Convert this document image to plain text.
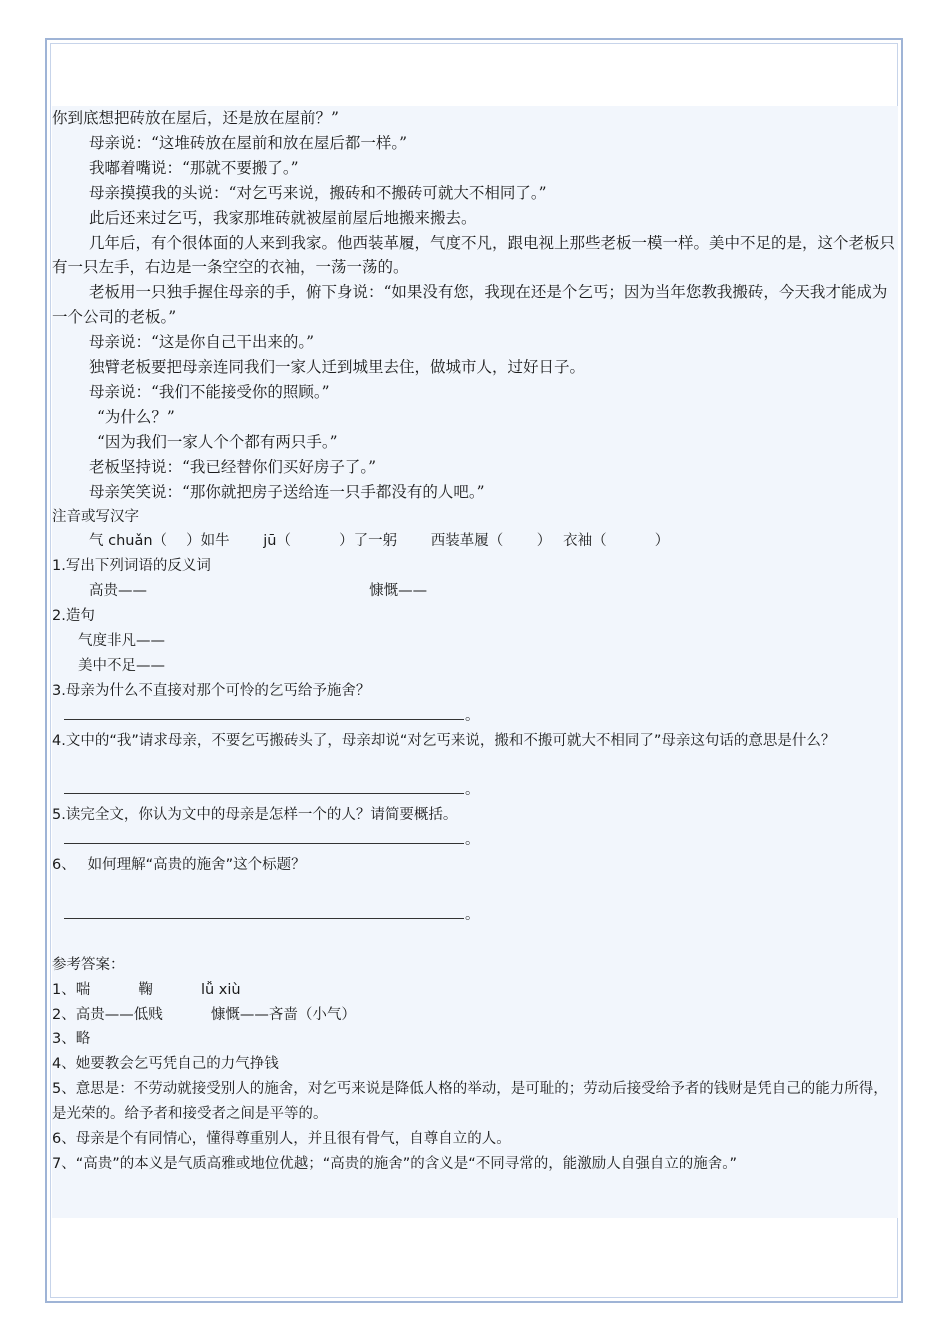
你到底想把砖放在屋后，还是放在屋前？”
母亲说：“这堆砖放在屋前和放在屋后都一样。”
我嘟着嘴说：“那就不要搬了。”
母亲摸摸我的头说：“对乞丐来说，搬砖和不搬砖可就大不相同了。”
此后还来过乞丐，我家那堆砖就被屋前屋后地搬来搬去。
几年后，有个很体面的人来到我家。他西装革履，气度不凡，跟电视上那些老板一模一样。美中不足的是，这个老板只有一只左手，右边是一条空空的衣袖，一荡一荡的。
老板用一只独手握住母亲的手，俯下身说：“如果没有您，我现在还是个乞丐；因为当年您教我搬砖，今天我才能成为一个公司的老板。”
母亲说：“这是你自己干出来的。”
独臂老板要把母亲连同我们一家人迁到城里去住，做城市人，过好日子。
母亲说：“我们不能接受你的照顾。”
“为什么？”
“因为我们一家人个个都有两只手。”
老板坚持说：“我已经替你们买好房子了。”
母亲笑笑说：“那你就把房子送给连一只手都没有的人吧。”
注音或写汉字
气 chuǎn（　 ）如牛　　 jū（　　　 ）了一躬　　 西装革履（　　 ）　 衣袖（　　　 ）
1.写出下列词语的反义词
高贵——　　　　　　　　　　　　　　　 慷慨——
2.造句
气度非凡——
美中不足——
3.母亲为什么不直接对那个可怜的乞丐给予施舍？
。
4.文中的“我”请求母亲，不要乞丐搬砖头了，母亲却说“对乞丐来说，搬和不搬可就大不相同了”母亲这句话的意思是什么？
。
5.读完全文，你认为文中的母亲是怎样一个的人？请简要概括。
。
6、　 如何理解“高贵的施舍”这个标题？
。
参考答案：
1、喘　　　 鞠　　　 lǚ xiù
2、高贵——低贱　　　 慷慨——吝啬（小气）
3、略
4、她要教会乞丐凭自己的力气挣钱
5、意思是：不劳动就接受别人的施舍，对乞丐来说是降低人格的举动，是可耻的；劳动后接受给予者的钱财是凭自己的能力所得，是光荣的。给予者和接受者之间是平等的。
6、母亲是个有同情心，懂得尊重别人，并且很有骨气，自尊自立的人。
7、“高贵”的本义是气质高雅或地位优越；“高贵的施舍”的含义是“不同寻常的，能激励人自强自立的施舍。”
